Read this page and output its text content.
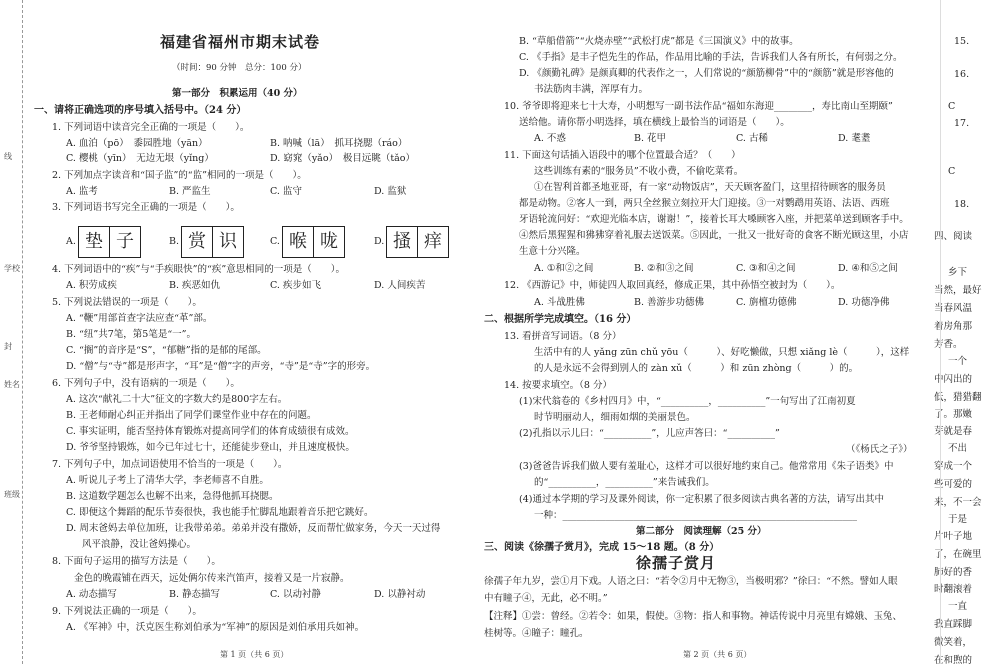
线
学校
封
姓名
班级
福建省福州市期末试卷
（时间：90 分钟　总分：100 分）
第一部分　积累运用（40 分）
一、请将正确选项的序号填入括号中。（24 分）
1. 下列词语中读音完全正确的一项是（　　）。
A. 血泊（pō）　黍园胜地（yān）	B. 呐喊（lā）　抓耳挠腮（ráo）
C. 樱桃（yīn）　无边无垠（yǐng）	D. 窈窕（yǎo）　极目远眺（tǎo）
2. 下列加点字读音和“国子监”的“监”相同的一项是（　　）。
A. 监考	B. 严监生	C. 监守	D. 监狱
3. 下列词语书写完全正确的一项是（　　）。
4. 下列词语中的“疾”与“手疾眼快”的“疾”意思相同的一项是（　　）。
A. 积劳成疾	B. 疾恶如仇	C. 疾步如飞	D. 人间疾苦
5. 下列说法错误的一项是（　　）。
A. “鞭”用部首查字法应查“革”部。
B. “纽”共7笔，第5笔是“一”。
C. “搁”的音序是“S”，“郁糖”指的是郁的尾部。
D. “僧”与“寺”都是形声字，“耳”是“僧”字的声旁，“寺”是“寺”字的形旁。
6. 下列句子中，没有语病的一项是（　　）。
A. 这次“献礼二十大”征文的字数大约是800字左右。
B. 王老师耐心纠正并指出了同学们课堂作业中存在的问题。
C. 事实证明，能否坚持体育锻炼对提高同学们的体育成绩很有成效。
D. 爷爷坚持锻炼，如今已年过七十，还能徒步登山，并且速度极快。
7. 下列句子中，加点词语使用不恰当的一项是（　　）。
A. 听说儿子考上了清华大学，李老师喜不自胜。
B. 这道数学题怎么也解不出来，急得他抓耳挠腮。
C. 即便这个舞蹈的配乐节奏很快，我也能手忙脚乱地跟着音乐把它跳好。
D. 周末爸妈去单位加班，让我带弟弟。弟弟并没有撒娇，反而帮忙做家务，今天一天过得
风平浪静，没让爸妈操心。
8. 下面句子运用的描写方法是（　　）。
金色的晚霞铺在西天，远处俩尔传来汽笛声，接着又是一片寂静。
A. 动态描写	B. 静态描写	C. 以动衬静	D. 以静衬动
9. 下列说法正确的一项是（　　）。
A. 《军神》中，沃克医生称刘伯承为“军神”的原因是刘伯承用兵如神。
A. 垫 子	B. 赏 识	C. 喉 咙	D. 搔 痒
B. “草船借箭”“火烧赤壁”“武松打虎”都是《三国演义》中的故事。
C. 《手指》是丰子恺先生的作品，作品用比喻的手法，告诉我们人各有所长，有何弱之分。
D. 《颜勤礼碑》是颜真卿的代表作之一，人们常说的“颜筋柳骨”中的“颜筋”就是形容他的
书法筋肉丰满，浑厚有力。
10. 爷爷即将迎来七十大寿，小明想写一副书法作品“福如东海迎________，寿比南山至期颐”
送给他。请你帮小明选择，填在横线上最恰当的词语是（　　）。
A. 不惑	B. 花甲	C. 古稀	D. 耄耋
11. 下面这句话插入语段中的哪个位置最合适？（　　）
这些训练有素的“服务员”不收小费，不偷吃菜肴。
①在智利首都圣地亚哥，有一家“动物饭店”，天天顾客盈门，这里招待顾客的服务员
都是动物。②客人一到，两只全丝猴立刻拉开大门迎接。③一对鹦鹉用英语、法语、西班
牙语轮流问好：“欢迎光临本店，谢谢！”，接着长耳大嗓顾客入座，并把菜单送到顾客手中。
④然后黑猩猩和狒狒穿着礼服去送饭菜。⑤因此，一批又一批好奇的食客不断光顾这里，小店
生意十分兴隆。
A. ①和②之间	B. ②和③之间	C. ③和④之间	D. ④和⑤之间
12. 《西游记》中，师徒四人取回真经，修成正果，其中孙悟空被封为（　　）。
A. 斗战胜佛	B. 善游步功德佛	C. 旃檀功德佛	D. 功德净佛
二、根据所学完成填空。（16 分）
13. 看拼音写词语。（8 分）
生活中有的人 yǎng zūn chǔ yōu（　　　）、好吃懒做，只想 xiǎng lè（　　　），这样
的人是永远不会得到别人的 zàn xǔ（　　　）和 zūn zhòng（　　　）的。
14. 按要求填空。（8 分）
(1)宋代翁卷的《乡村四月》中，“__________，__________”一句写出了江南初夏
时节明丽动人，细雨如烟的美丽景色。
(2)孔指以示儿曰：“__________”，儿应声答曰：“__________”
（《杨氏之子》）
(3)爸爸告诉我们做人要有羞耻心，这样才可以很好地约束自己。他常常用《朱子语类》中
的“__________，__________”来告诫我们。
(4)通过本学期的学习及课外阅读，你一定积累了很多阅读古典名著的方法，请写出其中
一种：______________________________________________________________
第二部分　阅读理解（25 分）
三、阅读《徐孺子赏月》，完成 15～18 题。（8 分）
徐孺子赏月
徐孺子年九岁，尝①月下戏。人语之曰：“若令②月中无物③，当极明邪？”徐曰：“不然。譬如人眼
中有瞳子④，无此，必不明。”
【注释】①尝：曾经。②若令：如果，假使。③物：指人和事物。神话传说中月亮里有嫦娥、玉兔、
桂树等。④瞳子：瞳孔。
15.
16.
C
17.
C
18.
四、阅读
乡下
当然，最好
当春风温
着房角那
芳香。
一个
中闪出的
低，猎猎翻
了。那嫩
芽就是春
不出
穿成一个
些可爱的
来，不一会
于是
片叶子地
了，在碗里
肺好的香
时翻滚着
一直
我直踩脚
微笑着，
在和煦的
第 1 页（共 6 页）	第 2 页（共 6 页）
